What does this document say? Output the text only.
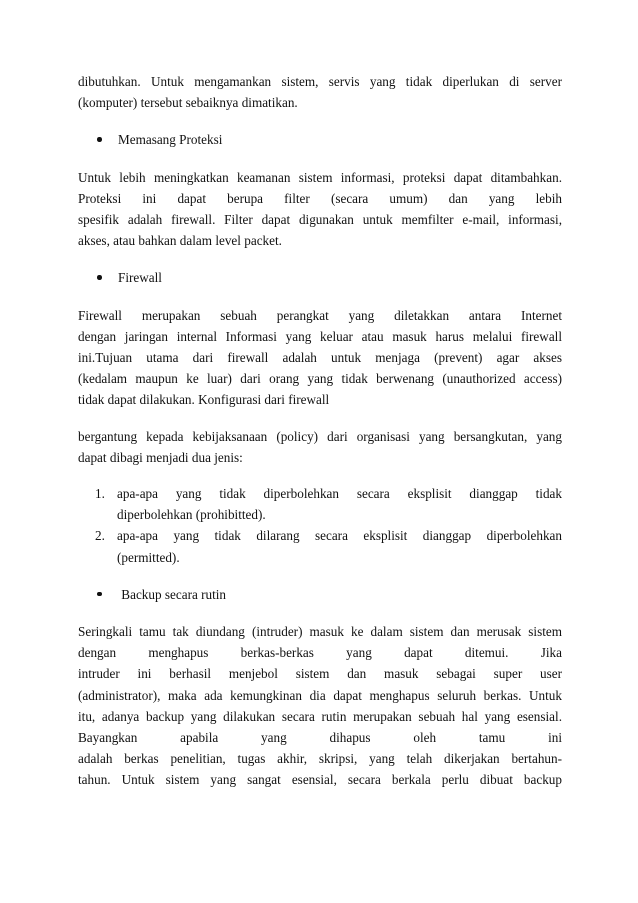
dibutuhkan. Untuk mengamankan sistem, servis yang tidak diperlukan di server
(komputer) tersebut sebaiknya dimatikan.

Memasang Proteksi

Untuk lebih meningkatkan keamanan sistem informasi, proteksi dapat ditambahkan.
Proteksi ini dapat berupa filter (secara umum) dan yang lebih
spesifik adalah firewall. Filter dapat digunakan untuk memfilter e-mail, informasi,
akses, atau bahkan dalam level packet.

Firewall

Firewall merupakan sebuah perangkat yang diletakkan antara Internet
dengan jaringan internal Informasi yang keluar atau masuk harus melalui firewall
ini.Tujuan utama dari firewall adalah untuk menjaga (prevent) agar akses
(kedalam maupun ke luar) dari orang yang tidak berwenang (unauthorized access)
tidak dapat dilakukan. Konfigurasi dari firewall

bergantung kepada kebijaksanaan (policy) dari organisasi yang bersangkutan, yang
dapat dibagi menjadi dua jenis:

1. apa-apa yang tidak diperbolehkan secara eksplisit dianggap tidak
diperbolehkan (prohibitted).
2. apa-apa yang tidak dilarang secara eksplisit dianggap diperbolehkan
(permitted).
Backup secara rutin

Seringkali tamu tak diundang (intruder) masuk ke dalam sistem dan merusak sistem
dengan menghapus berkas-berkas yang dapat ditemui. Jika
intruder ini berhasil menjebol sistem dan masuk sebagai super user
(administrator), maka ada kemungkinan dia dapat menghapus seluruh berkas. Untuk
itu, adanya backup yang dilakukan secara rutin merupakan sebuah hal yang esensial.
Bayangkan apabila yang dihapus oleh tamu ini
adalah berkas penelitian, tugas akhir, skripsi, yang telah dikerjakan bertahun-
tahun. Untuk sistem yang sangat esensial, secara berkala perlu dibuat backup
